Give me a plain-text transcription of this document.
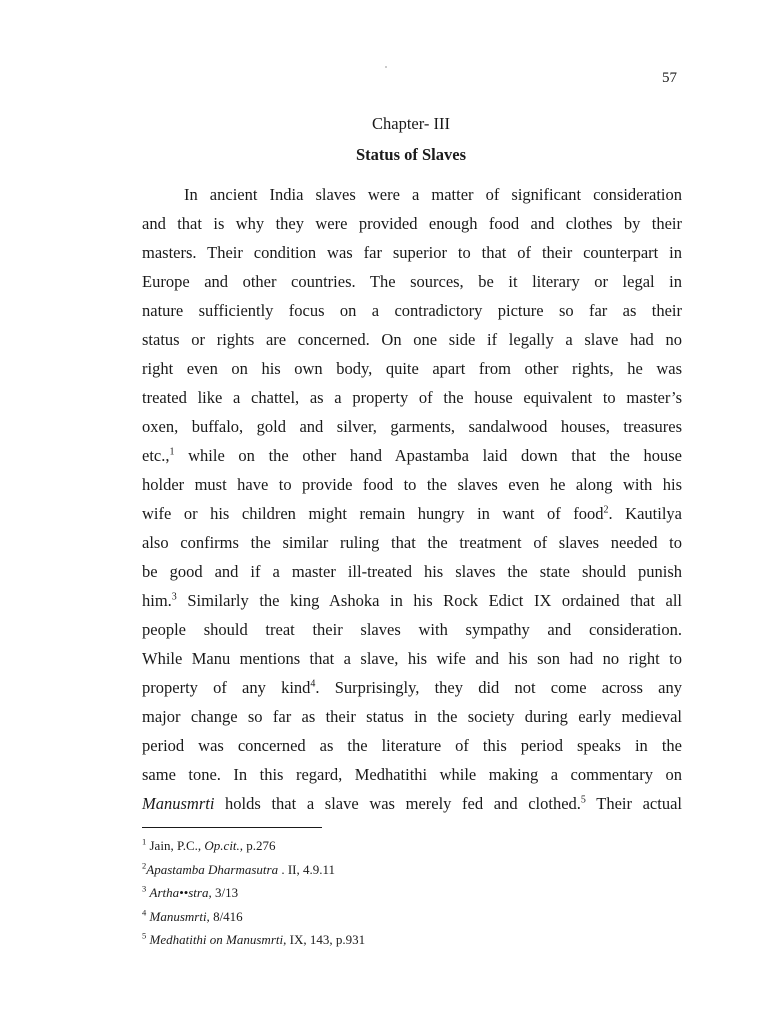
57
Chapter- III
Status of Slaves
In ancient India slaves were a matter of significant consideration
and that is why they were provided enough food and clothes by their
masters. Their condition was far superior to that of their counterpart in
Europe and other countries. The sources, be it literary or legal in
nature sufficiently focus on a contradictory picture so far as their
status or rights are concerned. On one side if legally a slave had no
right even on his own body, quite apart from other rights, he was
treated like a chattel, as a property of the house equivalent to master’s
oxen, buffalo, gold and silver, garments, sandalwood houses, treasures
etc.,$^1$ while on the other hand Apastamba laid down that the house
holder must have to provide food to the slaves even he along with his
wife or his children might remain hungry in want of food$^2$. Kautilya
also confirms the similar ruling that the treatment of slaves needed to
be good and if a master ill-treated his slaves the state should punish
him.$^3$ Similarly the king Ashoka in his Rock Edict IX ordained that all
people should treat their slaves with sympathy and consideration.
While Manu mentions that a slave, his wife and his son had no right to
property of any kind$^4$. Surprisingly, they did not come across any
major change so far as their status in the society during early medieval
period was concerned as the literature of this period speaks in the
same tone. In this regard, Medhatithi while making a commentary on
Manusmrti holds that a slave was merely fed and clothed.$^5$ Their actual
$^1$ Jain, P.C., Op.cit., p.276
$^2$Apastamba Dharmasutra . II, 4.9.11
$^3$ Artha••stra, 3/13
$^4$ Manusmrti, 8/416
$^5$ Medhatithi on Manusmrti, IX, 143, p.931
